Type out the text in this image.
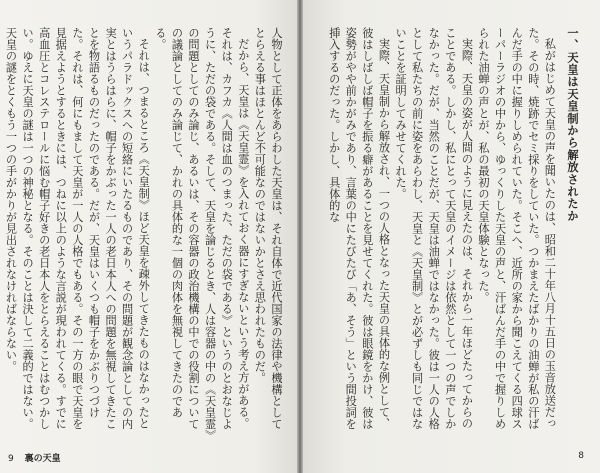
人物として正体をあらわした天皇は、それ自体で近代国家の法律や機構としてとらえる事はほとんど不可能なのではないかとさえ思われたものだ。

だから、天皇は《天皇霊》を入れておく器にすぎないという考え方がある。それは、カフカ《人間は血のつまった、ただの袋である》というのとおなじように、ただの袋である。そして、天皇を論じるとき、人は容器の中の《天皇霊》の問題としてのみ論じ、あるいは、その容器の政治機構の中での役割についての議論としてのみ論じて、かれの具体的な一個の肉体を無視してきたのである。

それは、つまるところ《天皇制》ほど天皇を疎外してきたものはなかったというパラドックスへの短絡にいたるものであり、その問題が観念論としての内実とはうらはらに、帽子をかぶった一人の老日本人への問題を無視してきたことを物語るものだったのである。だが、天皇はいくつも帽子をかぶりつづけた。それは、何にもまして天皇が一人の人格でもある。その一方の眼で天皇を見据えようとするときには、つねに以上のような言説が現われてくる。すでに高血圧とコレステロールに悩む帽子好きの老日本人をとらえることはむつかしい。ゆえに天皇の謎は一つの神秘となる。そのことは決して二義的ではない。天皇の謎をとくもう一つの手がかりが見出されなければならない。	一、天皇は天皇制から解放されたか

私がはじめて天皇の声を聞いたのは、昭和二十年八月十五日の玉音放送だった。その時、焼跡でセミ採りをしていた。つかまえたばかりの油蝉が私の汗ばんだ手の中に握りしめられていた。そこへ、近所の家から聞こえてくる四球スーパーラジオの中から、ゆっくりした天皇の声と、汗ばんだ手の中で握りしめられた油蝉の声とが、私の最初の天皇体験となった。

実際、天皇の姿が人間のように見えたのは、それから一年ほどたってからのことである。しかし、私にとって天皇のイメージは依然として一つの声でしかなかった。だが、当然のことだが、天皇は油蝉ではなかった。彼は一人の人格として私たちの前に姿をあらわし、天皇と《天皇制》とが必ずしも同じではないことを証明してみせてくれた。

実際、天皇制から解放され、一つの人格となった天皇の具体的な例として、彼はしばしば帽子を振る癖があることを見せてくれた。彼は眼鏡をかけ、彼は姿勢がやや前かがみであり、言葉の中にたびたび「あ、そう」という間投詞を挿入するのだった。しかし、具体的な

9 裏の天皇	8
